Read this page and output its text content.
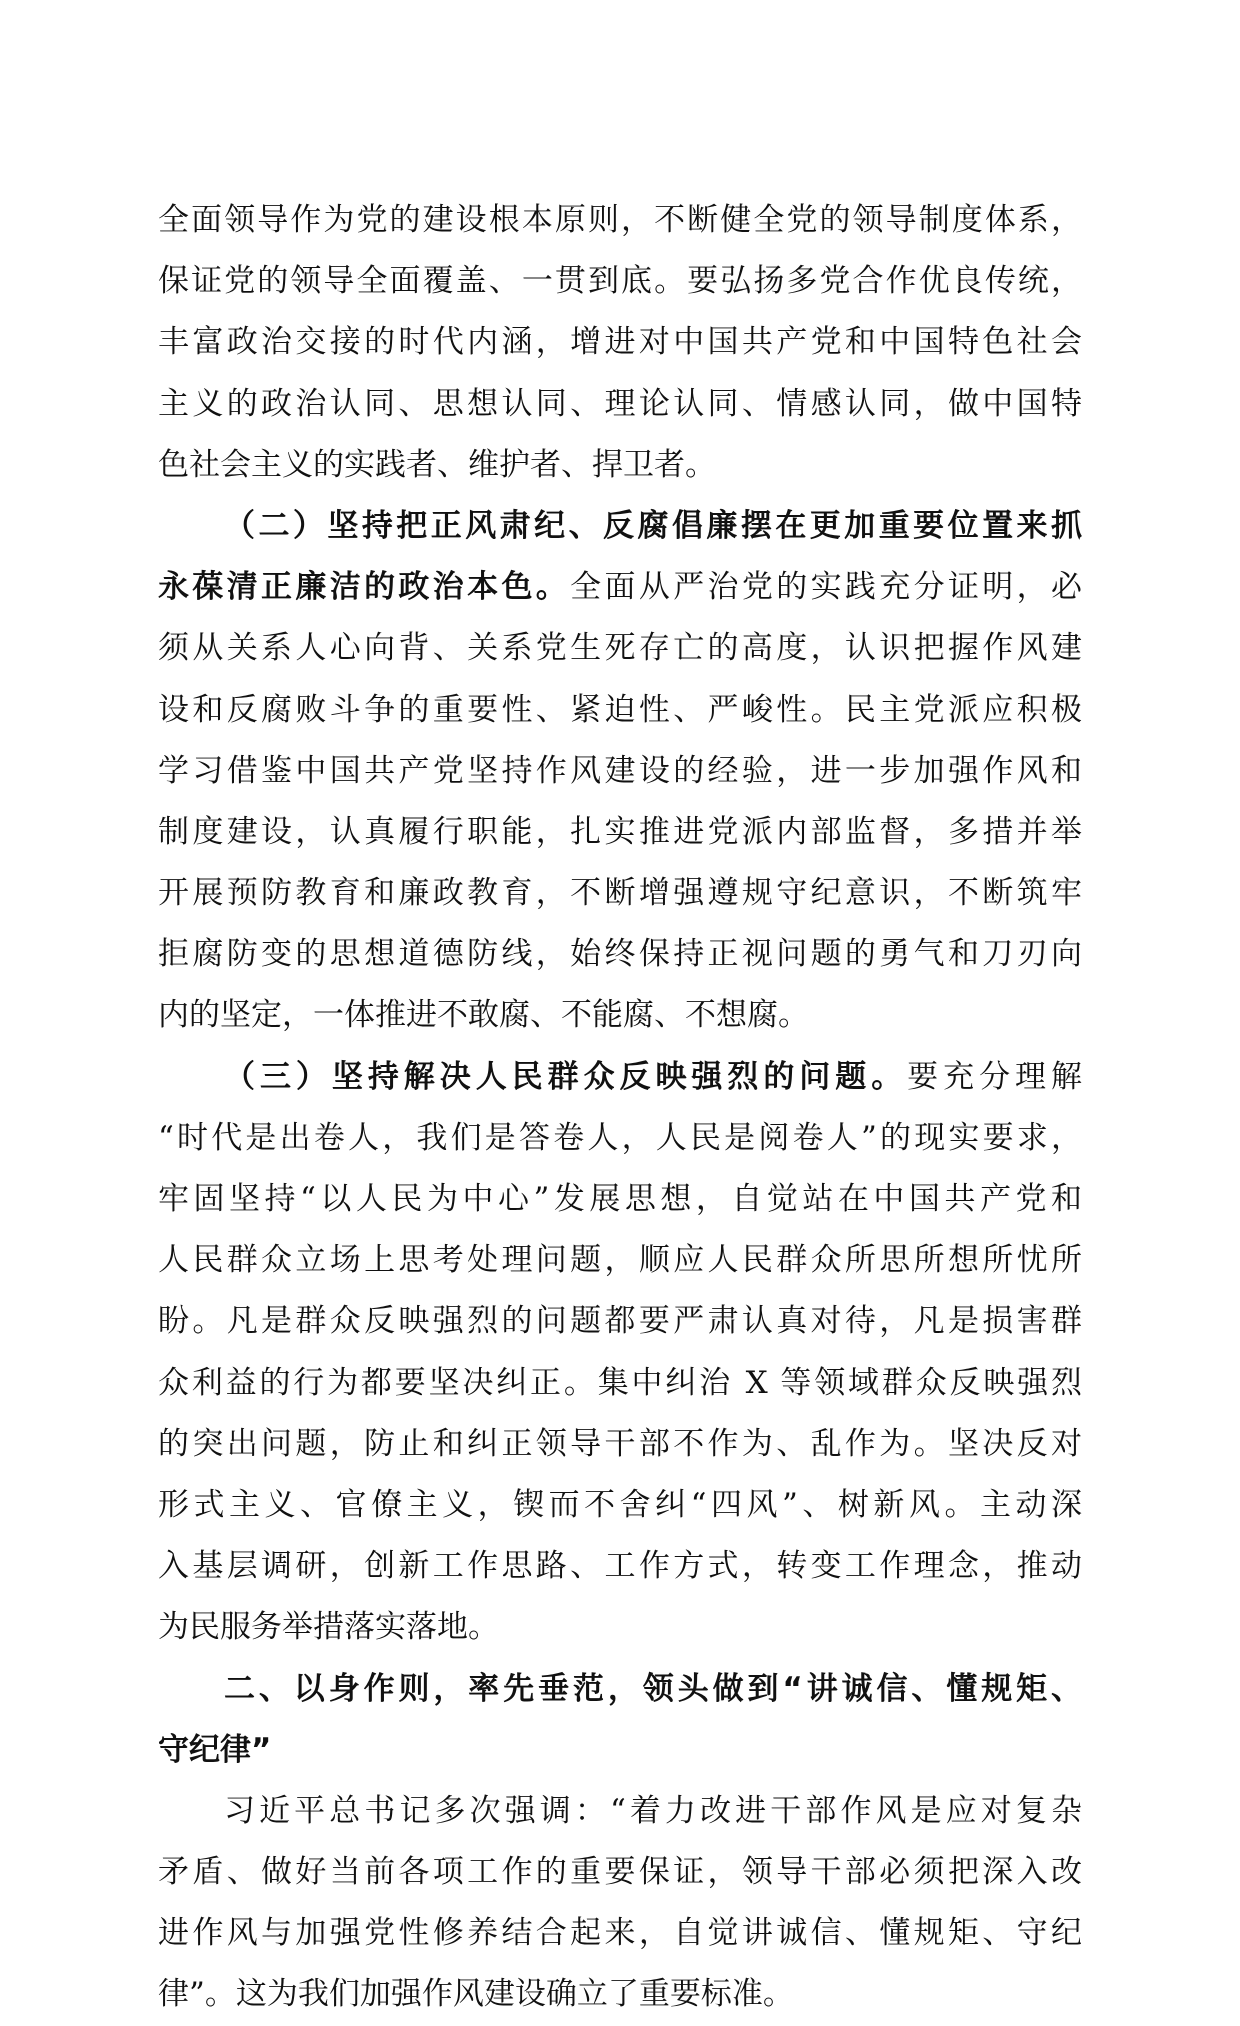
全面领导作为党的建设根本原则，不断健全党的领导制度体系，
保证党的领导全面覆盖、一贯到底。要弘扬多党合作优良传统，
丰富政治交接的时代内涵，增进对中国共产党和中国特色社会
主义的政治认同、思想认同、理论认同、情感认同，做中国特
色社会主义的实践者、维护者、捍卫者。
（二）坚持把正风肃纪、反腐倡廉摆在更加重要位置来抓
永葆清正廉洁的政治本色。全面从严治党的实践充分证明，必
须从关系人心向背、关系党生死存亡的高度，认识把握作风建
设和反腐败斗争的重要性、紧迫性、严峻性。民主党派应积极
学习借鉴中国共产党坚持作风建设的经验，进一步加强作风和
制度建设，认真履行职能，扎实推进党派内部监督，多措并举
开展预防教育和廉政教育，不断增强遵规守纪意识，不断筑牢
拒腐防变的思想道德防线，始终保持正视问题的勇气和刀刃向
内的坚定，一体推进不敢腐、不能腐、不想腐。
（三）坚持解决人民群众反映强烈的问题。要充分理解
“时代是出卷人，我们是答卷人，人民是阅卷人”的现实要求，
牢固坚持“以人民为中心”发展思想，自觉站在中国共产党和
人民群众立场上思考处理问题，顺应人民群众所思所想所忧所
盼。凡是群众反映强烈的问题都要严肃认真对待，凡是损害群
众利益的行为都要坚决纠正。集中纠治 X 等领域群众反映强烈
的突出问题，防止和纠正领导干部不作为、乱作为。坚决反对
形式主义、官僚主义，锲而不舍纠“四风”、树新风。主动深
入基层调研，创新工作思路、工作方式，转变工作理念，推动
为民服务举措落实落地。
二、以身作则，率先垂范，领头做到“讲诚信、懂规矩、
守纪律”
习近平总书记多次强调：“着力改进干部作风是应对复杂
矛盾、做好当前各项工作的重要保证，领导干部必须把深入改
进作风与加强党性修养结合起来，自觉讲诚信、懂规矩、守纪
律”。这为我们加强作风建设确立了重要标准。
